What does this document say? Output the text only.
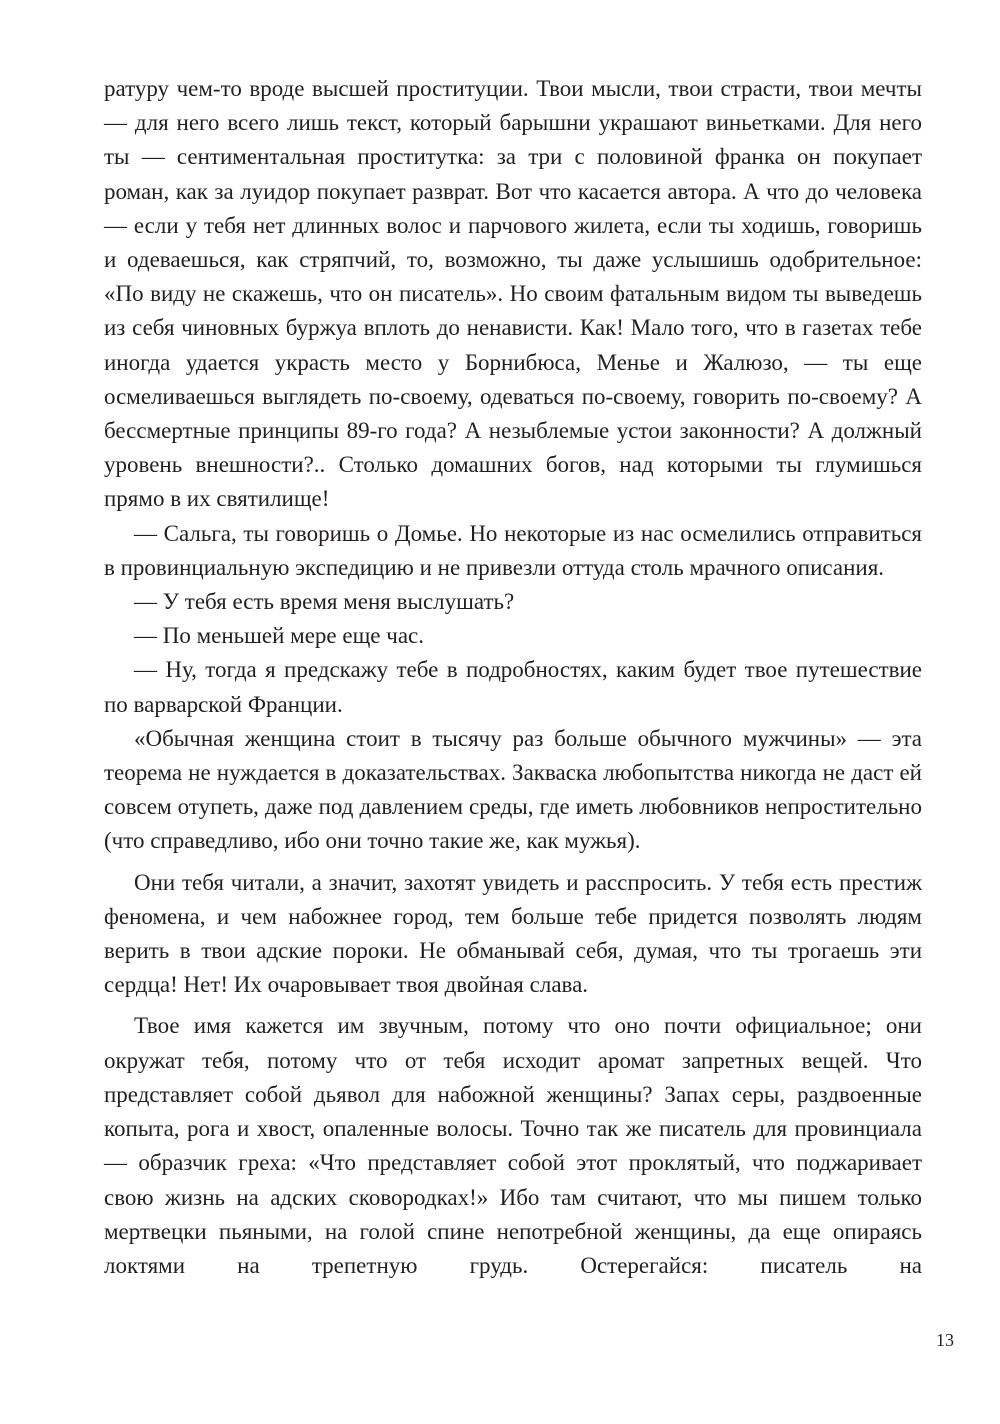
ратуру чем-то вроде высшей проституции. Твои мысли, твои страсти, твои мечты — для него всего лишь текст, который барышни украшают виньетками. Для него ты — сентиментальная проститутка: за три с половиной франка он покупает роман, как за луидор покупает разврат. Вот что касается автора. А что до человека — если у тебя нет длинных волос и парчового жилета, если ты ходишь, говоришь и одеваешься, как стряпчий, то, возможно, ты даже услышишь одобрительное: «По виду не скажешь, что он писатель». Но своим фатальным видом ты выведешь из себя чиновных буржуа вплоть до ненависти. Как! Мало того, что в газетах тебе иногда удается украсть место у Борнибюса, Менье и Жалюзо, — ты еще осмеливаешься выглядеть по-своему, одеваться по-своему, говорить по-своему? А бессмертные принципы 89-го года? А незыблемые устои законности? А должный уровень внешности?.. Столько домашних богов, над которыми ты глумишься прямо в их святилище!

— Сальга, ты говоришь о Домье. Но некоторые из нас осмелились отправиться в провинциальную экспедицию и не привезли оттуда столь мрачного описания.

— У тебя есть время меня выслушать?

— По меньшей мере еще час.

— Ну, тогда я предскажу тебе в подробностях, каким будет твое путешествие по варварской Франции.

«Обычная женщина стоит в тысячу раз больше обычного мужчины» — эта теорема не нуждается в доказательствах. Закваска любопытства никогда не даст ей совсем отупеть, даже под давлением среды, где иметь любовников непростительно (что справедливо, ибо они точно такие же, как мужья).

Они тебя читали, а значит, захотят увидеть и расспросить. У тебя есть престиж феномена, и чем набожнее город, тем больше тебе придется позволять людям верить в твои адские пороки. Не обманывай себя, думая, что ты трогаешь эти сердца! Нет! Их очаровывает твоя двойная слава.

Твое имя кажется им звучным, потому что оно почти официальное; они окружат тебя, потому что от тебя исходит аромат запретных вещей. Что представляет собой дьявол для набожной женщины? Запах серы, раздвоенные копыта, рога и хвост, опаленные волосы. Точно так же писатель для провинциала — образчик греха: «Что представляет собой этот проклятый, что поджаривает свою жизнь на адских сковородках!» Ибо там считают, что мы пишем только мертвецки пьяными, на голой спине непотребной женщины, да еще опираясь локтями на трепетную грудь. Остерегайся: писатель на

13
